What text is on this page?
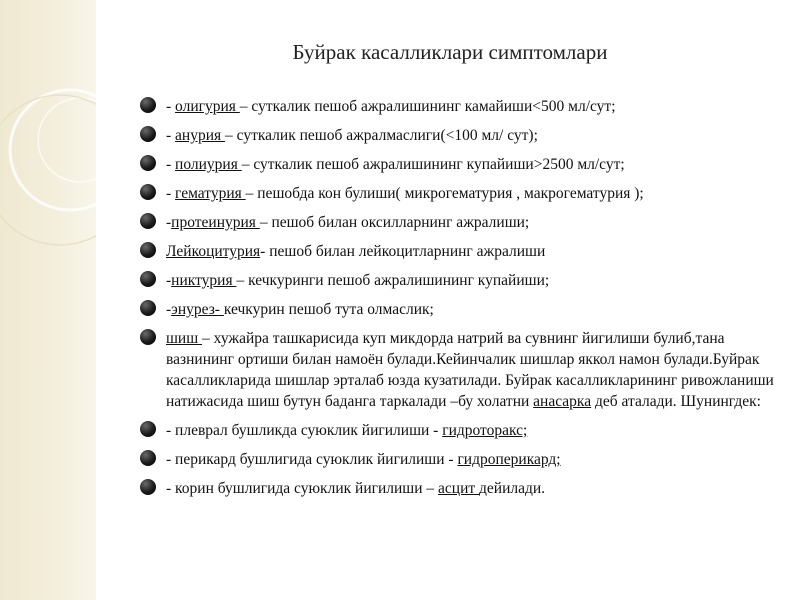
Буйрак касалликлари симптомлари
- олигурия – суткалик пешоб ажралишининг камайиши<500 мл/сут;
- анурия – суткалик пешоб ажралмаслиги(<100 мл/ сут);
- полиурия – суткалик пешоб ажралишининг купайиши>2500 мл/сут;
- гематурия – пешобда кон булиши( микрогематурия , макрогематурия );
-протеинурия – пешоб билан оксилларнинг ажралиши;
Лейкоцитурия- пешоб билан лейкоцитларнинг ажралиши
-никтурия – кечкуринги пешоб ажралишининг купайиши;
-энурез- кечкурин пешоб тута олмаслик;
шиш – хужайра ташкарисида куп микдорда натрий ва сувнинг йигилиши булиб,тана вазнининг ортиши билан намоён булади.Кейинчалик шишлар яккол намон булади.Буйрак касалликларида шишлар эрталаб юзда кузатилади. Буйрак касалликларининг ривожланиши натижасида шиш бутун баданга таркалади –бу холатни анасарка деб аталади. Шунингдек:
- плеврал бушликда суюклик йигилиши - гидроторакс;
- перикард бушлигида суюклик йигилиши - гидроперикард;
- корин бушлигида суюклик йигилиши – асцит дейилади.
